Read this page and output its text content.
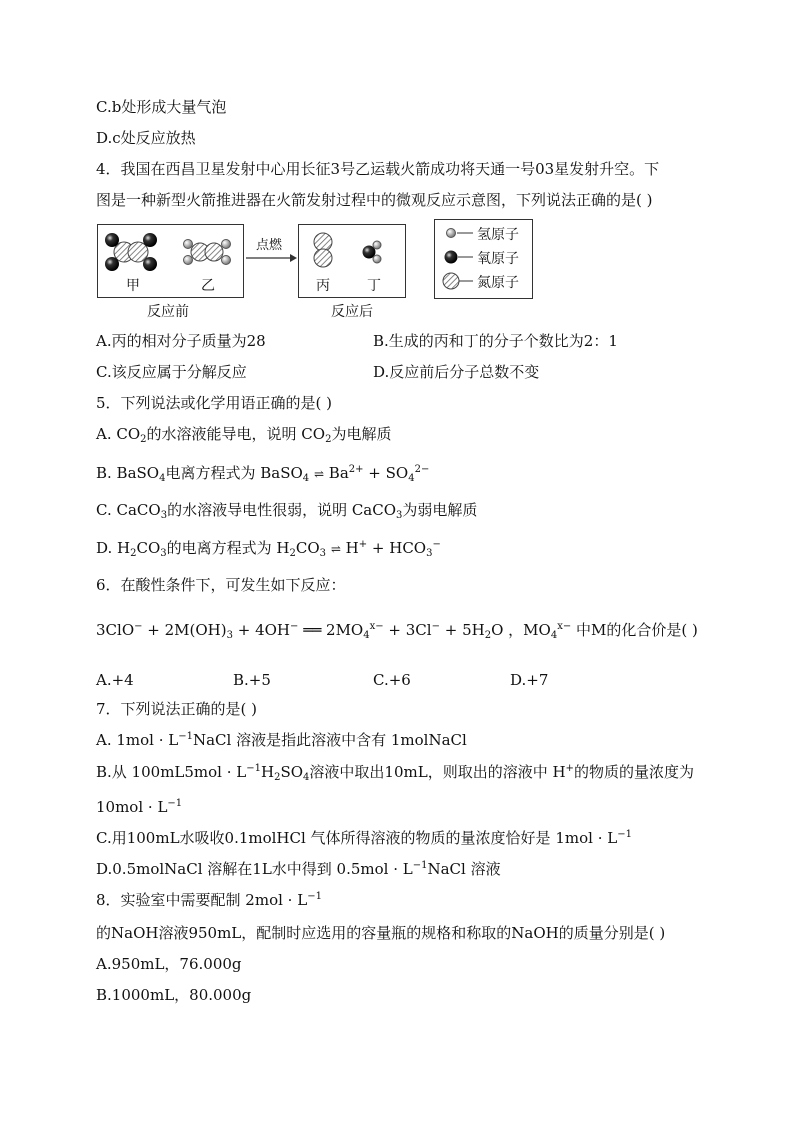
C.b处形成大量气泡
D.c处反应放热
4．我国在西昌卫星发射中心用长征3号乙运载火箭成功将天通一号03星发射升空。下
图是一种新型火箭推进器在火箭发射过程中的微观反应示意图，下列说法正确的是( )
甲	乙
点燃
丙	丁
反应前	反应后
氢原子
氧原子
氮原子
A.丙的相对分子质量为28	B.生成的丙和丁的分子个数比为2：1
C.该反应属于分解反应	D.反应前后分子总数不变
5．下列说法或化学用语正确的是( )
A. $CO_2$的水溶液能导电，说明 $CO_2$为电解质
B. BaSO$_4$电离方程式为 BaSO$_4$ ⇌ $Ba^{2+} + SO_4^{2-}$
C. CaCO$_3$的水溶液导电性很弱，说明 CaCO$_3$为弱电解质
D. $H_2CO_3$的电离方程式为 $H_2CO_3$ ⇌ $H^+ + HCO_3^-$
6．在酸性条件下，可发生如下反应：
$3ClO^- + 2M(OH)_3 + 4OH^-$ ══ $2MO_4^{x-} + 3Cl^- + 5H_2O$ ，$MO_4^{x-}$ 中M的化合价是( )
A.+4	B.+5	C.+6	D.+7
7．下列说法正确的是( )
A. $1mol \cdot L^{-1}NaCl$ 溶液是指此溶液中含有 1molNaCl
B.从 $100mL5mol \cdot L^{-1}H_2SO_4$溶液中取出10mL，则取出的溶液中 H+的物质的量浓度为
$10mol \cdot L^{-1}$
C.用100mL水吸收0.1molHCl 气体所得溶液的物质的量浓度恰好是 $1mol \cdot L^{-1}$
D.0.5molNaCl 溶解在1L水中得到 $0.5mol \cdot L^{-1}NaCl$ 溶液
8．实验室中需要配制 $2mol \cdot L^{-1}$
的NaOH溶液950mL，配制时应选用的容量瓶的规格和称取的NaOH的质量分别是( )
A.950mL，76.000g
B.1000mL，80.000g
